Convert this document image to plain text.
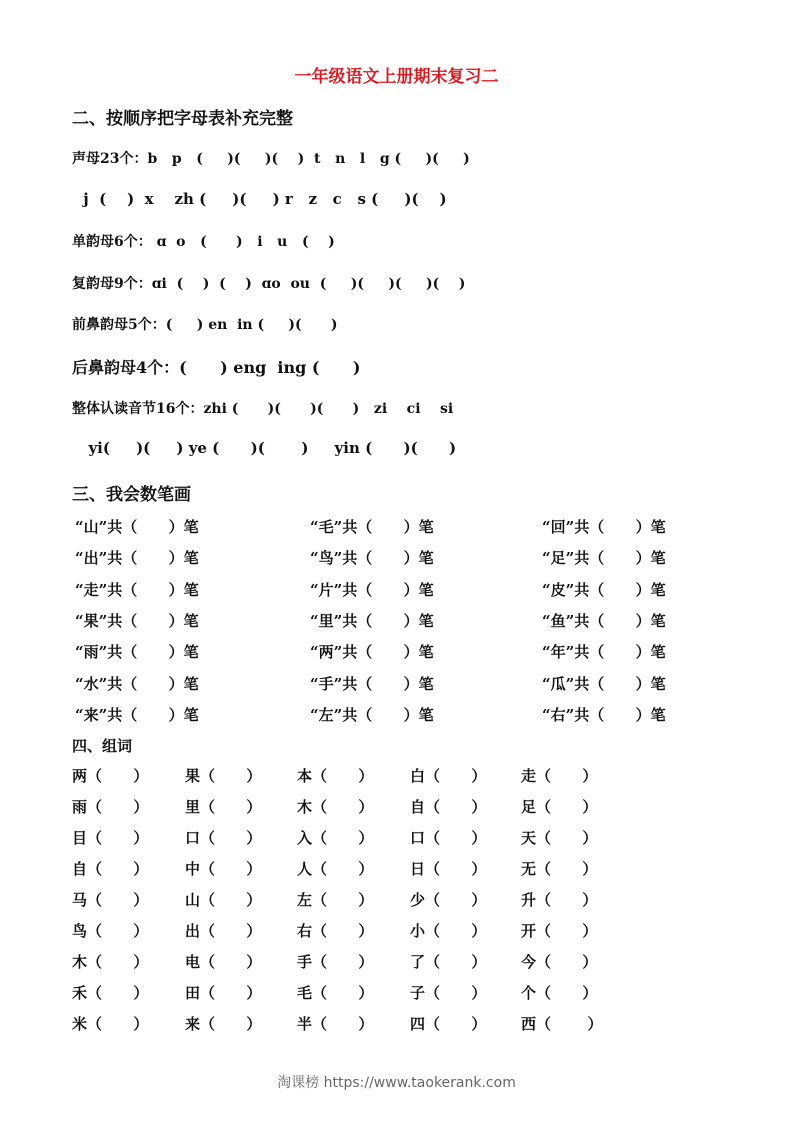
一年级语文上册期末复习二
二、按顺序把字母表补充完整
声母23个：b   p   (     )(     )(    )  t   n   l   g (     )(     )
j  (    )  x    zh (     )(     ) r   z   c   s (     )(    )
单韵母6个： ɑ  o   (      )   i   u   (    )
复韵母9个：ɑi  (    )  (    )  ɑo  ou  (     )(     )(     )(    )
前鼻韵母5个：(     ) en  in (     )(      )
后鼻韵母4个：(      ) eng  ing (      )
整体认读音节16个：zhi (      )(      )(      )   zi    ci    si
yi(     )(     ) ye (      )(       )     yin (      )(      )
三、我会数笔画
“山”共（      ）笔	“毛”共（      ）笔	“回”共（      ）笔
“出”共（      ）笔	“鸟”共（      ）笔	“足”共（      ）笔
“走”共（      ）笔	“片”共（      ）笔	“皮”共（      ）笔
“果”共（      ）笔	“里”共（      ）笔	“鱼”共（      ）笔
“雨”共（      ）笔	“两”共（      ）笔	“年”共（      ）笔
“水”共（      ）笔	“手”共（      ）笔	“瓜”共（      ）笔
“来”共（      ）笔	“左”共（      ）笔	“右”共（      ）笔
四、组词
两（      ） 果（      ） 本（      ） 白（      ） 走（      ）
雨（      ） 里（      ） 木（      ） 自（      ） 足（      ）
目（      ） 口（      ） 入（      ） 口（      ） 天（      ）
自（      ） 中（      ） 人（      ） 日（      ） 无（      ）
马（      ） 山（      ） 左（      ） 少（      ） 升（      ）
鸟（      ） 出（      ） 右（      ） 小（      ） 开（      ）
木（      ） 电（      ） 手（      ） 了（      ） 今（      ）
禾（      ） 田（      ） 毛（      ） 子（      ） 个（      ）
米（      ） 来（      ） 半（      ） 四（      ） 西（       ）
淘课榜 https://www.taokerank.com
